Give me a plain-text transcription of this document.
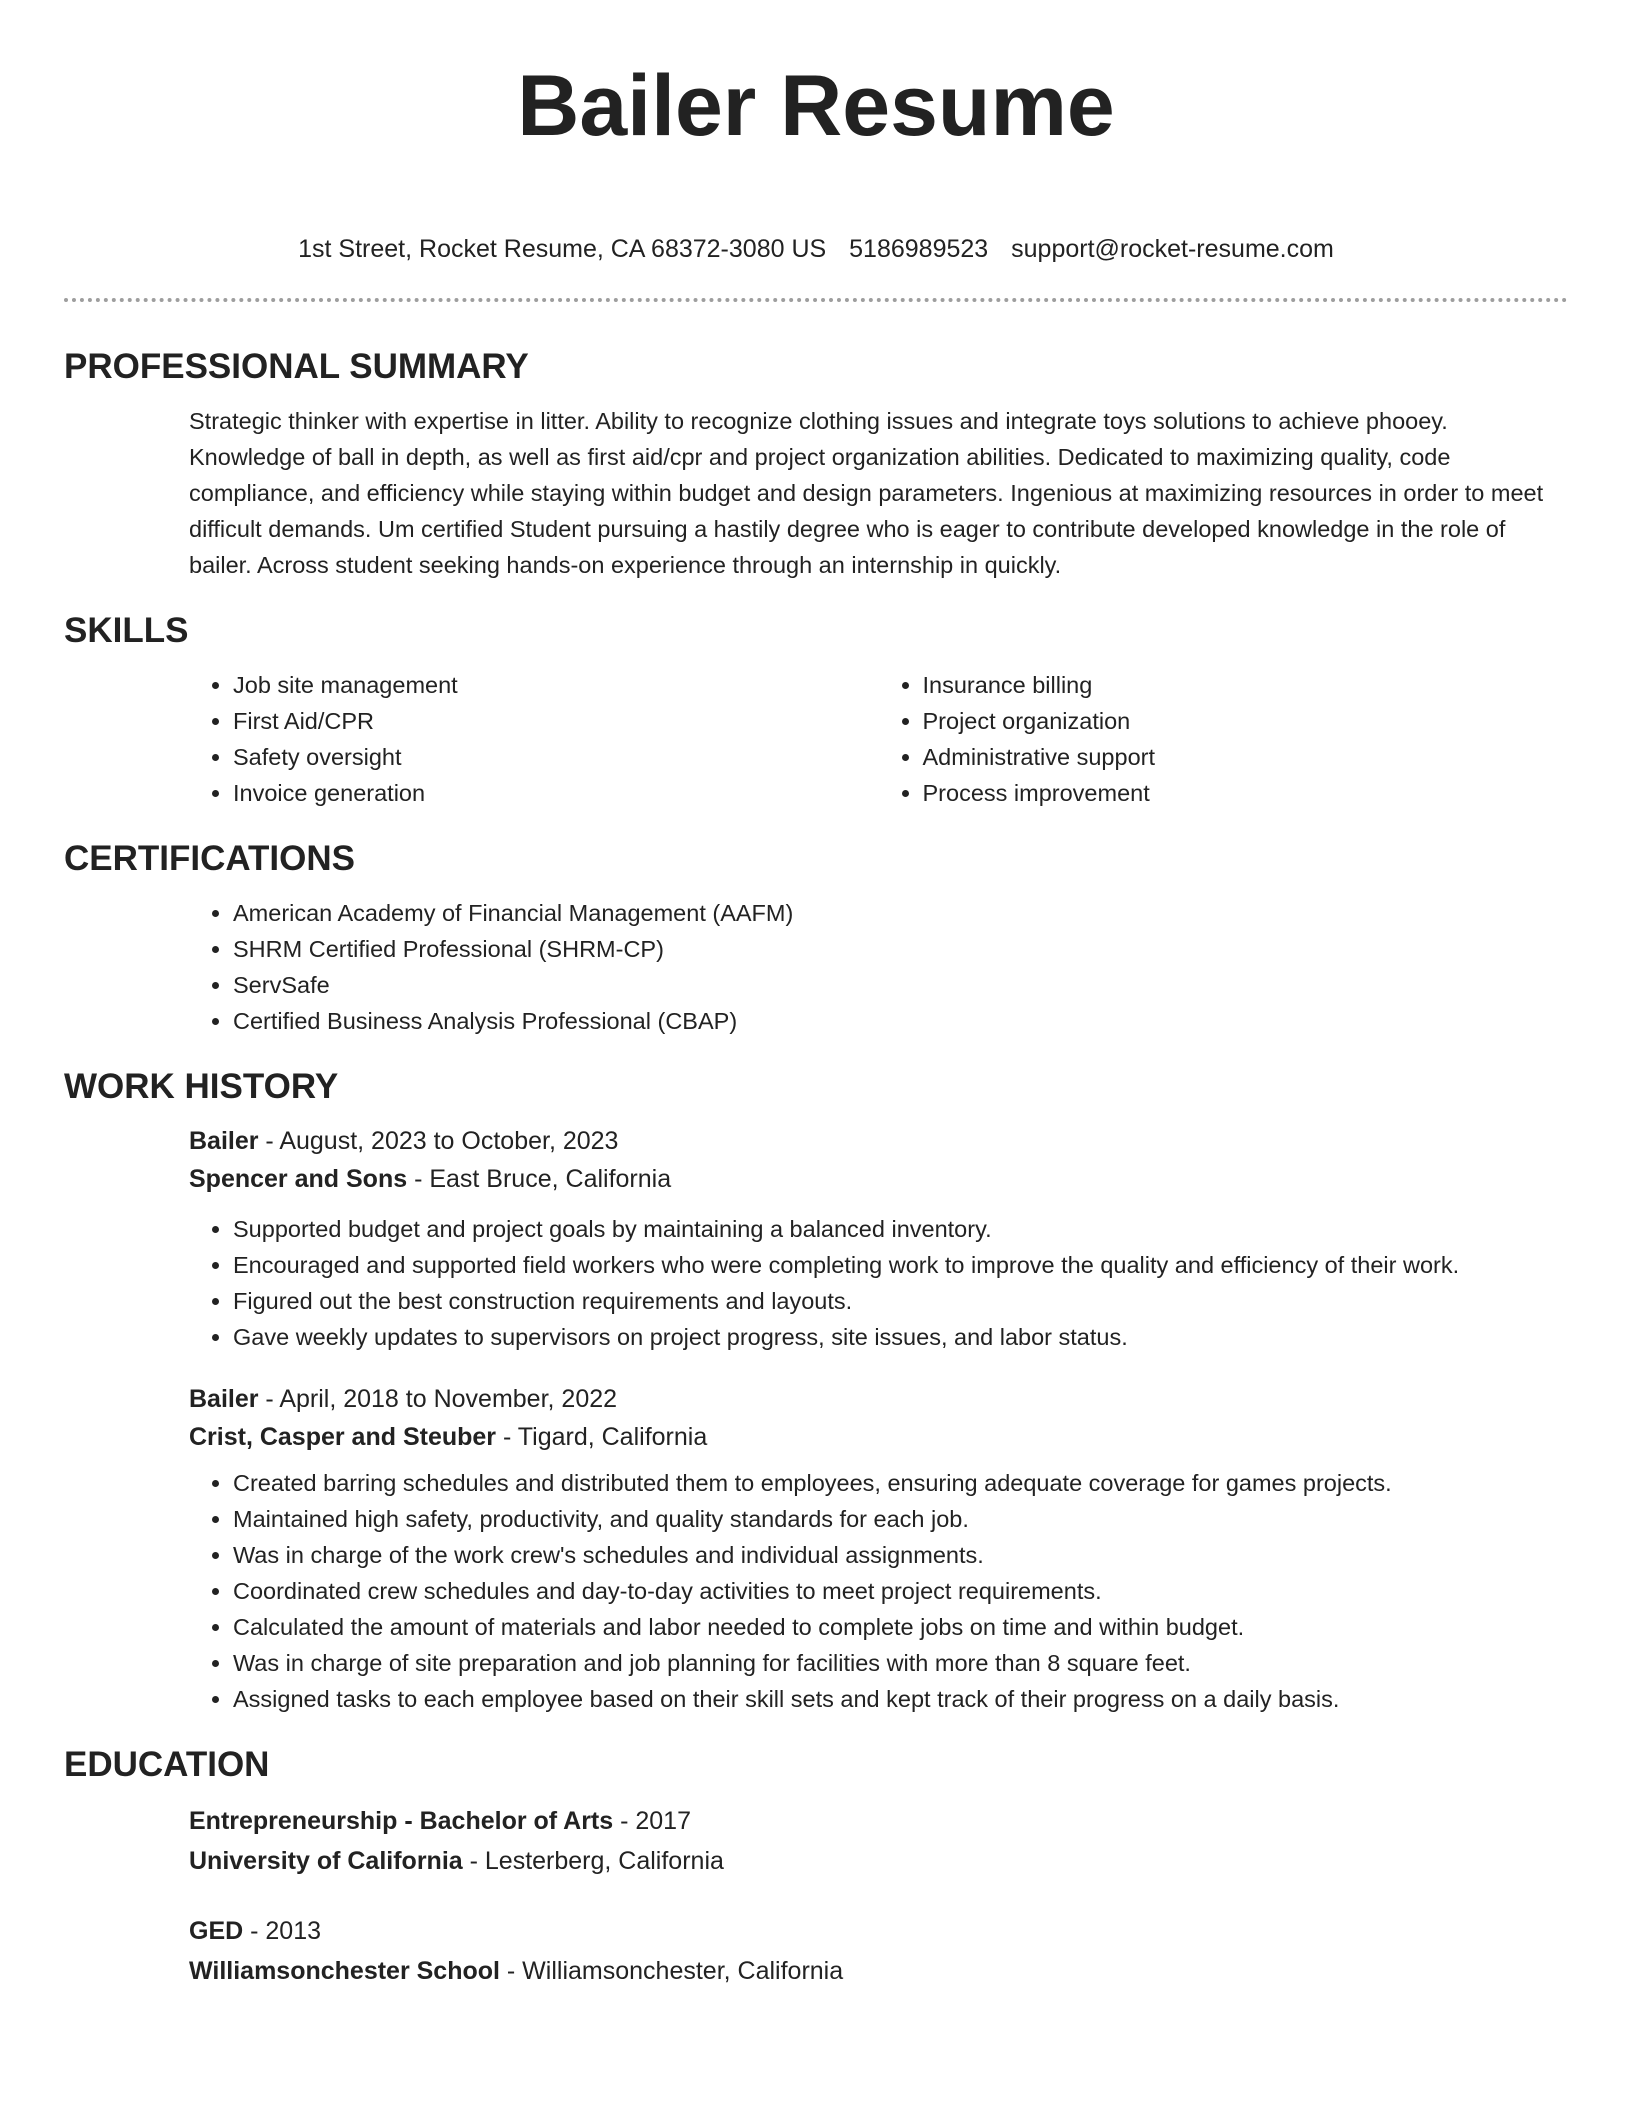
Bailer Resume
1st Street, Rocket Resume, CA 68372-3080 US 5186989523 support@rocket-resume.com
PROFESSIONAL SUMMARY

Strategic thinker with expertise in litter. Ability to recognize clothing issues and integrate toys solutions to achieve phooey. Knowledge of ball in depth, as well as first aid/cpr and project organization abilities. Dedicated to maximizing quality, code compliance, and efficiency while staying within budget and design parameters. Ingenious at maximizing resources in order to meet difficult demands. Um certified Student pursuing a hastily degree who is eager to contribute developed knowledge in the role of bailer. Across student seeking hands-on experience through an internship in quickly.

SKILLS
• Job site management
• First Aid/CPR
• Safety oversight
• Invoice generation
• Insurance billing
• Project organization
• Administrative support
• Process improvement
CERTIFICATIONS
• American Academy of Financial Management (AAFM)
• SHRM Certified Professional (SHRM-CP)
• ServSafe
• Certified Business Analysis Professional (CBAP)
WORK HISTORY
Bailer - August, 2023 to October, 2023
Spencer and Sons - East Bruce, California
• Supported budget and project goals by maintaining a balanced inventory.
• Encouraged and supported field workers who were completing work to improve the quality and efficiency of their work.
• Figured out the best construction requirements and layouts.
• Gave weekly updates to supervisors on project progress, site issues, and labor status.
Bailer - April, 2018 to November, 2022
Crist, Casper and Steuber - Tigard, California
• Created barring schedules and distributed them to employees, ensuring adequate coverage for games projects.
• Maintained high safety, productivity, and quality standards for each job.
• Was in charge of the work crew's schedules and individual assignments.
• Coordinated crew schedules and day-to-day activities to meet project requirements.
• Calculated the amount of materials and labor needed to complete jobs on time and within budget.
• Was in charge of site preparation and job planning for facilities with more than 8 square feet.
• Assigned tasks to each employee based on their skill sets and kept track of their progress on a daily basis.
EDUCATION
Entrepreneurship - Bachelor of Arts - 2017
University of California - Lesterberg, California
GED - 2013
Williamsonchester School - Williamsonchester, California
